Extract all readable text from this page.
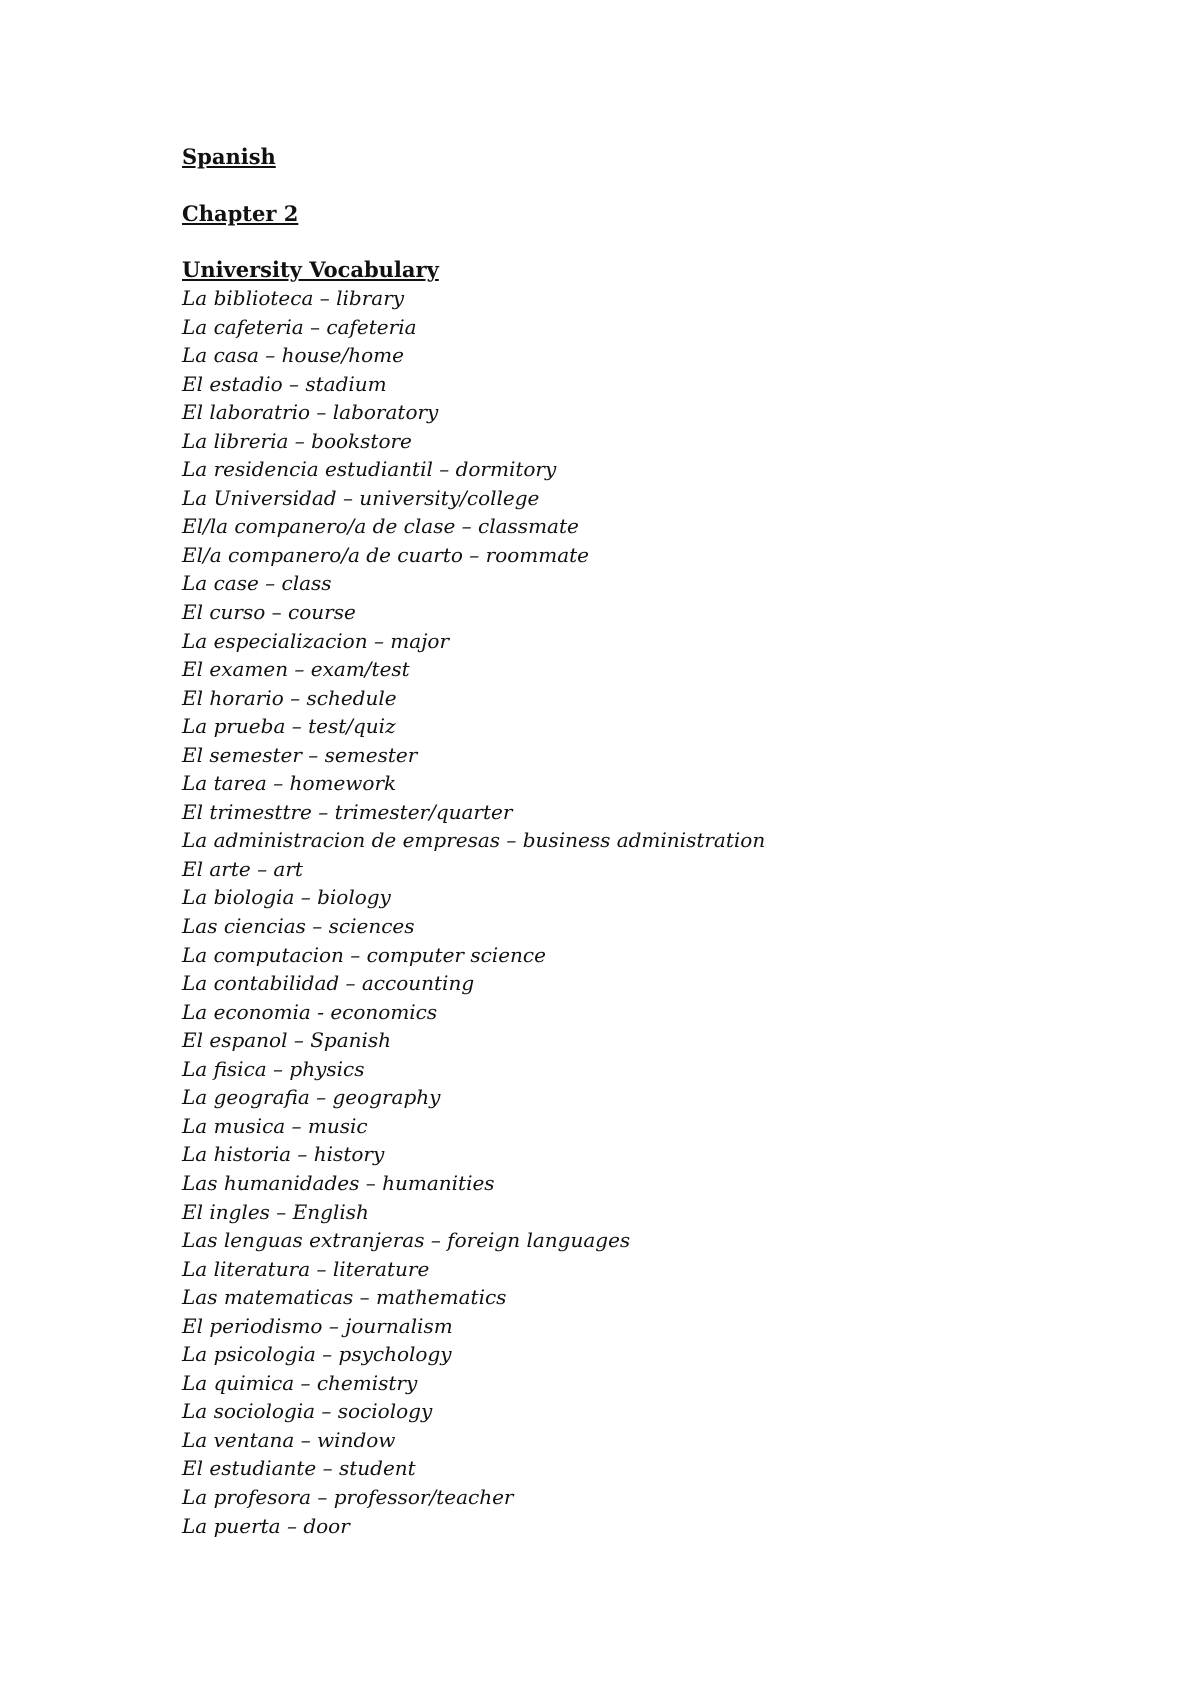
Spanish

Chapter 2

University Vocabulary

La biblioteca – library
La cafeteria – cafeteria
La casa – house/home
El estadio – stadium
El laboratrio – laboratory
La libreria – bookstore
La residencia estudiantil – dormitory
La Universidad – university/college
El/la companero/a de clase – classmate
El/a companero/a de cuarto – roommate
La case – class
El curso – course
La especializacion – major
El examen – exam/test
El horario – schedule
La prueba – test/quiz
El semester – semester
La tarea – homework
El trimesttre – trimester/quarter
La administracion de empresas – business administration
El arte – art
La biologia – biology
Las ciencias – sciences
La computacion – computer science
La contabilidad – accounting
La economia - economics
El espanol – Spanish
La fisica – physics
La geografia – geography
La musica – music
La historia – history
Las humanidades – humanities
El ingles – English
Las lenguas extranjeras – foreign languages
La literatura – literature
Las matematicas – mathematics
El periodismo – journalism
La psicologia – psychology
La quimica – chemistry
La sociologia – sociology
La ventana – window
El estudiante – student
La profesora – professor/teacher
La puerta – door
